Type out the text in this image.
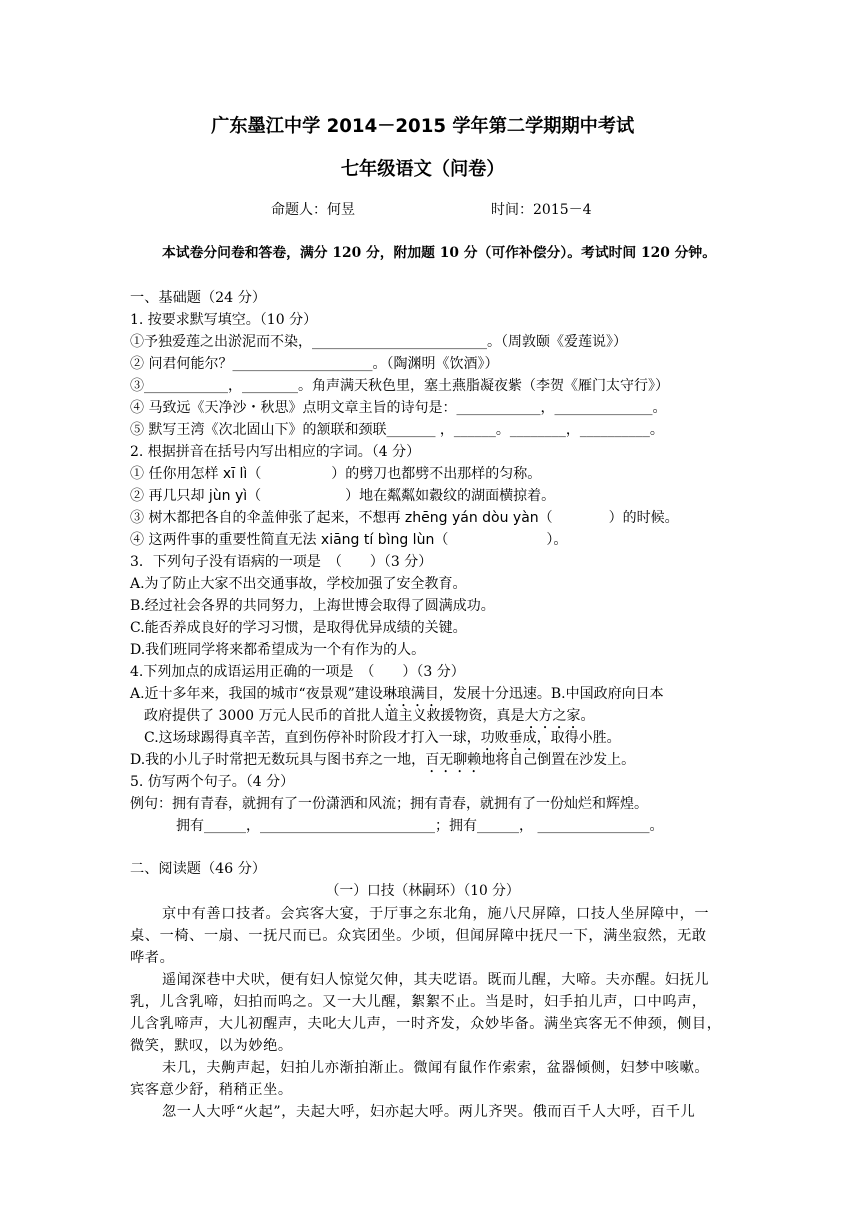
广东墨江中学 2014－2015 学年第二学期期中考试
七年级语文（问卷）
命题人：何昱	时间：2015－4
本试卷分问卷和答卷，满分 120 分，附加题 10 分（可作补偿分）。考试时间 120 分钟。
一、基础题（24 分）
1. 按要求默写填空。（10 分）
①予独爱莲之出淤泥而不染，_________________________。（周敦颐《爱莲说》）
② 问君何能尔？____________________。（陶渊明《饮酒》）
③____________，________。角声满天秋色里，塞土燕脂凝夜紫（李贺《雁门太守行》）
④ 马致远《天净沙・秋思》点明文章主旨的诗句是：____________，______________。
⑤ 默写王湾《次北固山下》的颔联和颈联_______ ，______。________，__________。
2. 根据拼音在括号内写出相应的字词。（4 分）
① 任你用怎样 xī lì（　　　　　）的劈刀也都劈不出那样的匀称。
② 再几只却 jùn yì（　　　　　　）地在粼粼如縠纹的湖面横掠着。
③ 树木都把各自的伞盖伸张了起来，不想再 zhēng yán dòu yàn（　　　　）的时候。
④ 这两件事的重要性简直无法 xiāng tí bìng lùn（　　　　　　　）。
3．下列句子没有语病的一项是　（　　）（3 分）
A.为了防止大家不出交通事故，学校加强了安全教育。
B.经过社会各界的共同努力，上海世博会取得了圆满成功。
C.能否养成良好的学习习惯，是取得优异成绩的关键。
D.我们班同学将来都希望成为一个有作为的人。
4.下列加点的成语运用正确的一项是　（　　）（3 分）
A.近十多年来，我国的城市“夜景观”建设琳琅满目，发展十分迅速。B.中国政府向日本
政府提供了 3000 万元人民币的首批人道主义救援物资，真是大方之家。
C.这场球踢得真辛苦，直到伤停补时阶段才打入一球，功败垂成，取得小胜。
D.我的小儿子时常把无数玩具与图书弃之一地，百无聊赖地将自己倒置在沙发上。
5. 仿写两个句子。（4 分）
例句：拥有青春，就拥有了一份潇洒和风流；拥有青春，就拥有了一份灿烂和辉煌。
拥有______，_________________________；拥有______， ________________。
二、阅读题（46 分）
（一）口技（林嗣环）（10 分）
京中有善口技者。会宾客大宴，于厅事之东北角，施八尺屏障，口技人坐屏障中，一
桌、一椅、一扇、一抚尺而已。众宾团坐。少顷，但闻屏障中抚尺一下，满坐寂然，无敢
哗者。
遥闻深巷中犬吠，便有妇人惊觉欠伸，其夫呓语。既而儿醒，大啼。夫亦醒。妇抚儿
乳，儿含乳啼，妇拍而呜之。又一大儿醒，絮絮不止。当是时，妇手拍儿声，口中呜声，
儿含乳啼声，大儿初醒声，夫叱大儿声，一时齐发，众妙毕备。满坐宾客无不伸颈，侧目，
微笑，默叹，以为妙绝。
未几，夫齁声起，妇拍儿亦渐拍渐止。微闻有鼠作作索索，盆器倾侧，妇梦中咳嗽。
宾客意少舒，稍稍正坐。
忽一人大呼“火起”，夫起大呼，妇亦起大呼。两儿齐哭。俄而百千人大呼，百千儿
